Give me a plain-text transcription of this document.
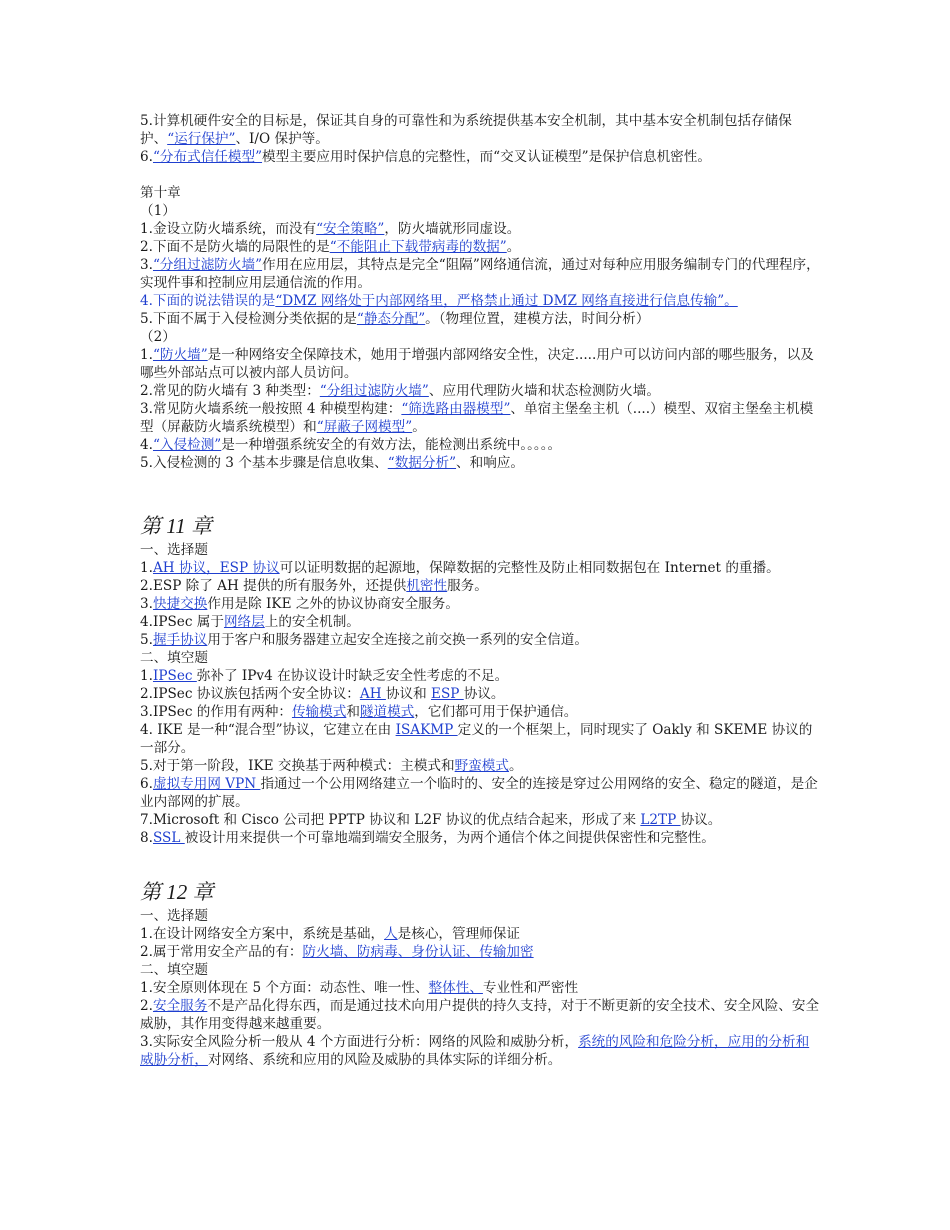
5.计算机硬件安全的目标是，保证其自身的可靠性和为系统提供基本安全机制，其中基本安全机制包括存储保护、“运行保护”、I/O 保护等。

6.“分布式信任模型”模型主要应用时保护信息的完整性，而“交叉认证模型”是保护信息机密性。

第十章

（1）

1.金设立防火墙系统，而没有“安全策略”，防火墙就形同虚设。

2.下面不是防火墙的局限性的是“不能阻止下载带病毒的数据”。

3.“分组过滤防火墙”作用在应用层，其特点是完全“阻隔”网络通信流，通过对每种应用服务编制专门的代理程序，实现件事和控制应用层通信流的作用。

4.下面的说法错误的是“DMZ 网络处于内部网络里，严格禁止通过 DMZ 网络直接进行信息传输”。

5.下面不属于入侵检测分类依据的是“静态分配”。（物理位置，建模方法，时间分析）

（2）

1.“防火墙”是一种网络安全保障技术，她用于增强内部网络安全性，决定.....用户可以访问内部的哪些服务，以及哪些外部站点可以被内部人员访问。

2.常见的防火墙有 3 种类型：“分组过滤防火墙”、应用代理防火墙和状态检测防火墙。

3.常见防火墙系统一般按照 4 种模型构建：“筛选路由器模型”、单宿主堡垒主机（....）模型、双宿主堡垒主机模型（屏蔽防火墙系统模型）和“屏蔽子网模型”。

4.“入侵检测”是一种增强系统安全的有效方法，能检测出系统中。。。。。

5.入侵检测的 3 个基本步骤是信息收集、“数据分析”、和响应。

第 11 章

一、选择题

1.AH 协议，ESP 协议可以证明数据的起源地，保障数据的完整性及防止相同数据包在 Internet 的重播。

2.ESP 除了 AH 提供的所有服务外，还提供机密性服务。

3.快捷交换作用是除 IKE 之外的协议协商安全服务。

4.IPSec 属于网络层上的安全机制。

5.握手协议用于客户和服务器建立起安全连接之前交换一系列的安全信道。

二、填空题

1.IPSec 弥补了 IPv4 在协议设计时缺乏安全性考虑的不足。

2.IPSec 协议族包括两个安全协议：AH 协议和 ESP 协议。

3.IPSec 的作用有两种：传输模式和隧道模式，它们都可用于保护通信。

4. IKE 是一种“混合型”协议，它建立在由 ISAKMP 定义的一个框架上，同时现实了 Oakly 和 SKEME 协议的一部分。

5.对于第一阶段，IKE 交换基于两种模式：主模式和野蛮模式。

6.虚拟专用网 VPN 指通过一个公用网络建立一个临时的、安全的连接是穿过公用网络的安全、稳定的隧道，是企业内部网的扩展。

7.Microsoft 和 Cisco 公司把 PPTP 协议和 L2F 协议的优点结合起来，形成了来 L2TP 协议。

8.SSL 被设计用来提供一个可靠地端到端安全服务，为两个通信个体之间提供保密性和完整性。

第 12 章

一、选择题

1.在设计网络安全方案中，系统是基础，人是核心，管理师保证

2.属于常用安全产品的有：防火墙、防病毒、身份认证、传输加密

二、填空题

1.安全原则体现在 5 个方面：动态性、唯一性、整体性、专业性和严密性

2.安全服务不是产品化得东西，而是通过技术向用户提供的持久支持，对于不断更新的安全技术、安全风险、安全威胁，其作用变得越来越重要。

3.实际安全风险分析一般从 4 个方面进行分析：网络的风险和威胁分析，系统的风险和危险分析，应用的分析和威胁分析，对网络、系统和应用的风险及威胁的具体实际的详细分析。
